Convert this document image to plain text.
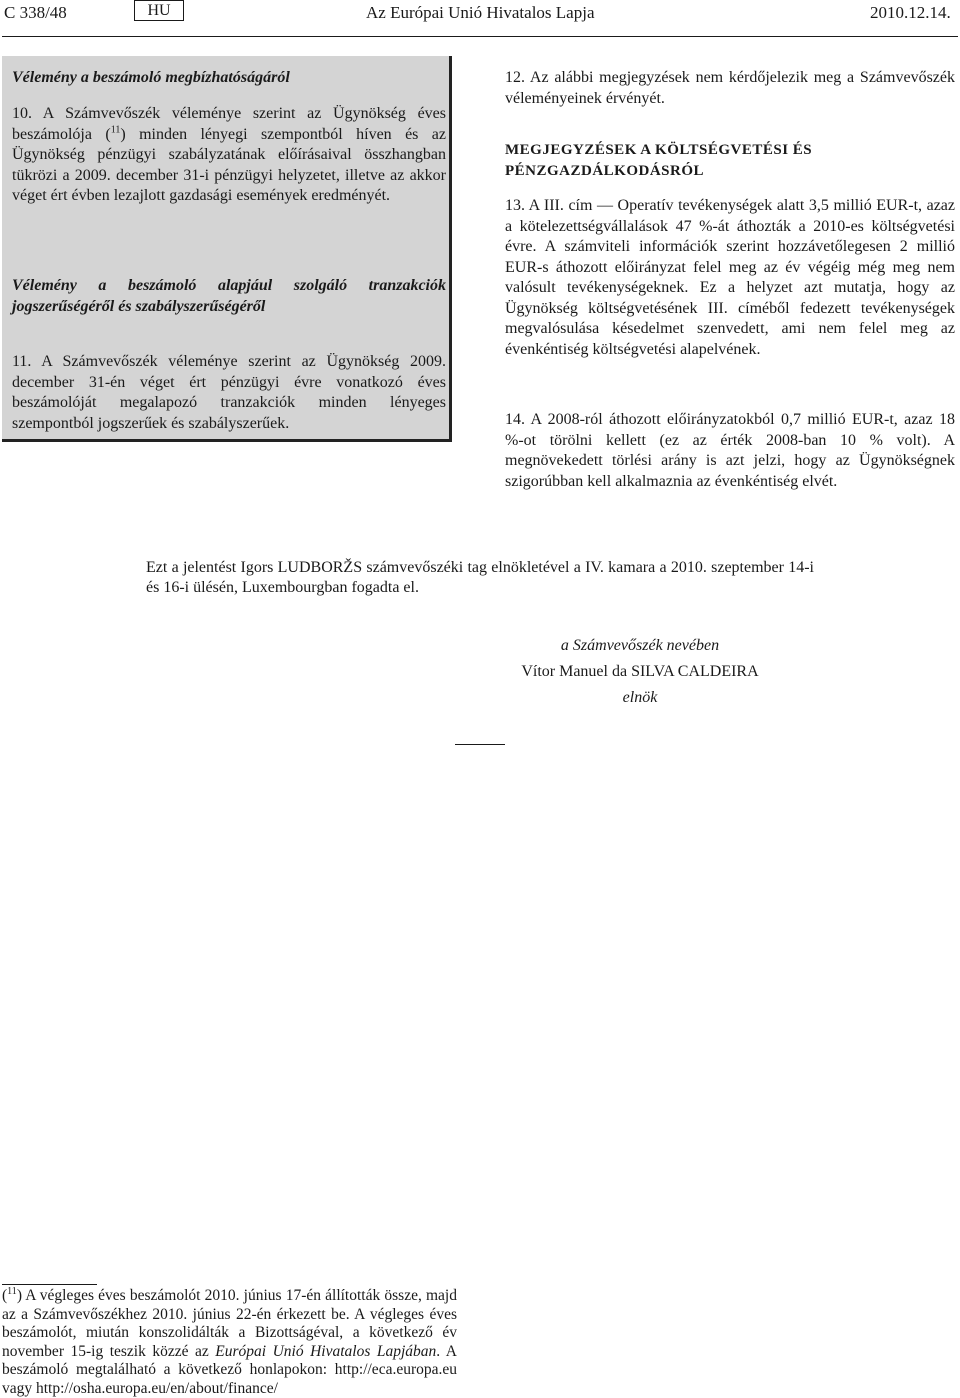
C 338/48	HU	Az Európai Unió Hivatalos Lapja	2010.12.14.
Vélemény a beszámoló megbízhatóságáról
10. A Számvevőszék véleménye szerint az Ügynökség éves beszámolója ($^{11}$) minden lényegi szempontból híven és az Ügynökség pénzügyi szabályzatának előírásaival összhangban tükrözi a 2009. december 31-i pénzügyi helyzetet, illetve az akkor véget ért évben lezajlott gazdasági események eredményét.
Vélemény a beszámoló alapjául szolgáló tranzakciók jogszerűségéről és szabályszerűségéről
11. A Számvevőszék véleménye szerint az Ügynökség 2009. december 31-én véget ért pénzügyi évre vonatkozó éves beszámolóját megalapozó tranzakciók minden lényeges szempontból jogszerűek és szabályszerűek.
12. Az alábbi megjegyzések nem kérdőjelezik meg a Számvevőszék véleményeinek érvényét.
MEGJEGYZÉSEK A KÖLTSÉGVETÉSI ÉS PÉNZGAZDÁLKODÁSRÓL
13. A III. cím — Operatív tevékenységek alatt 3,5 millió EUR-t, azaz a kötelezettségvállalások 47 %-át áthozták a 2010-es költségvetési évre. A számviteli információk szerint hozzávetőlegesen 2 millió EUR-s áthozott előirányzat felel meg az év végéig még meg nem valósult tevékenységeknek. Ez a helyzet azt mutatja, hogy az Ügynökség költségvetésének III. címéből fedezett tevékenységek megvalósulása késedelmet szenvedett, ami nem felel meg az évenkéntiség költségvetési alapelvének.
14. A 2008-ról áthozott előirányzatokból 0,7 millió EUR-t, azaz 18 %-ot törölni kellett (ez az érték 2008-ban 10 % volt). A megnövekedett törlési arány is azt jelzi, hogy az Ügynökségnek szigorúbban kell alkalmaznia az évenkéntiség elvét.
Ezt a jelentést Igors LUDBORŽS számvevőszéki tag elnökletével a IV. kamara a 2010. szeptember 14-i és 16-i ülésén, Luxembourgban fogadta el.
a Számvevőszék nevében
Vítor Manuel da SILVA CALDEIRA
elnök
($^{11}$) A végleges éves beszámolót 2010. június 17-én állították össze, majd az a Számvevőszékhez 2010. június 22-én érkezett be. A végleges éves beszámolót, miután konszolidálták a Bizottságéval, a következő év november 15-ig teszik közzé az Európai Unió Hivatalos Lapjában. A beszámoló megtalálható a következő honlapokon: http://eca.europa.eu vagy http://osha.europa.eu/en/about/finance/
